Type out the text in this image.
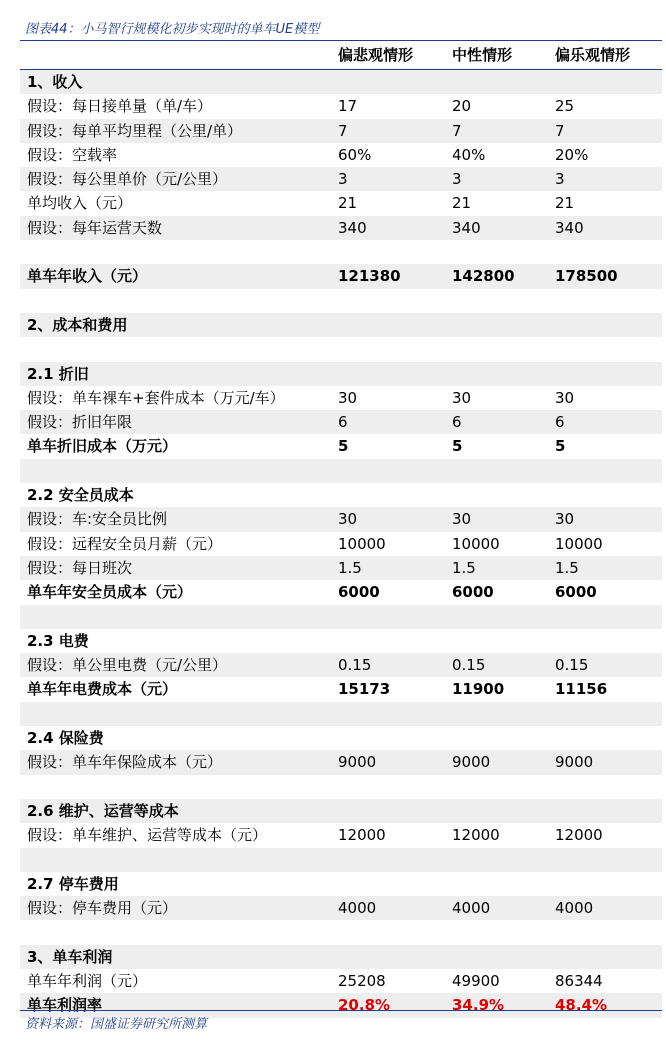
图表44：小马智行规模化初步实现时的单车UE模型
偏悲观情形	中性情形	偏乐观情形
1、收入
假设：每日接单量（单/车）	17	20	25
假设：每单平均里程（公里/单）	7	7	7
假设：空载率	60%	40%	20%
假设：每公里单价（元/公里）	3	3	3
单均收入（元）	21	21	21
假设：每年运营天数	340	340	340
单车年收入（元）	121380	142800	178500
2、成本和费用
2.1 折旧
假设：单车裸车+套件成本（万元/车）	30	30	30
假设：折旧年限	6	6	6
单车折旧成本（万元）	5	5	5
2.2 安全员成本
假设：车:安全员比例	30	30	30
假设：远程安全员月薪（元）	10000	10000	10000
假设：每日班次	1.5	1.5	1.5
单车年安全员成本（元）	6000	6000	6000
2.3 电费
假设：单公里电费（元/公里）	0.15	0.15	0.15
单车年电费成本（元）	15173	11900	11156
2.4 保险费
假设：单车年保险成本（元）	9000	9000	9000
2.6 维护、运营等成本
假设：单车维护、运营等成本（元）	12000	12000	12000
2.7 停车费用
假设：停车费用（元）	4000	4000	4000
3、单车利润
单车年利润（元）	25208	49900	86344
单车利润率	20.8%	34.9%	48.4%
资料来源：国盛证券研究所测算
